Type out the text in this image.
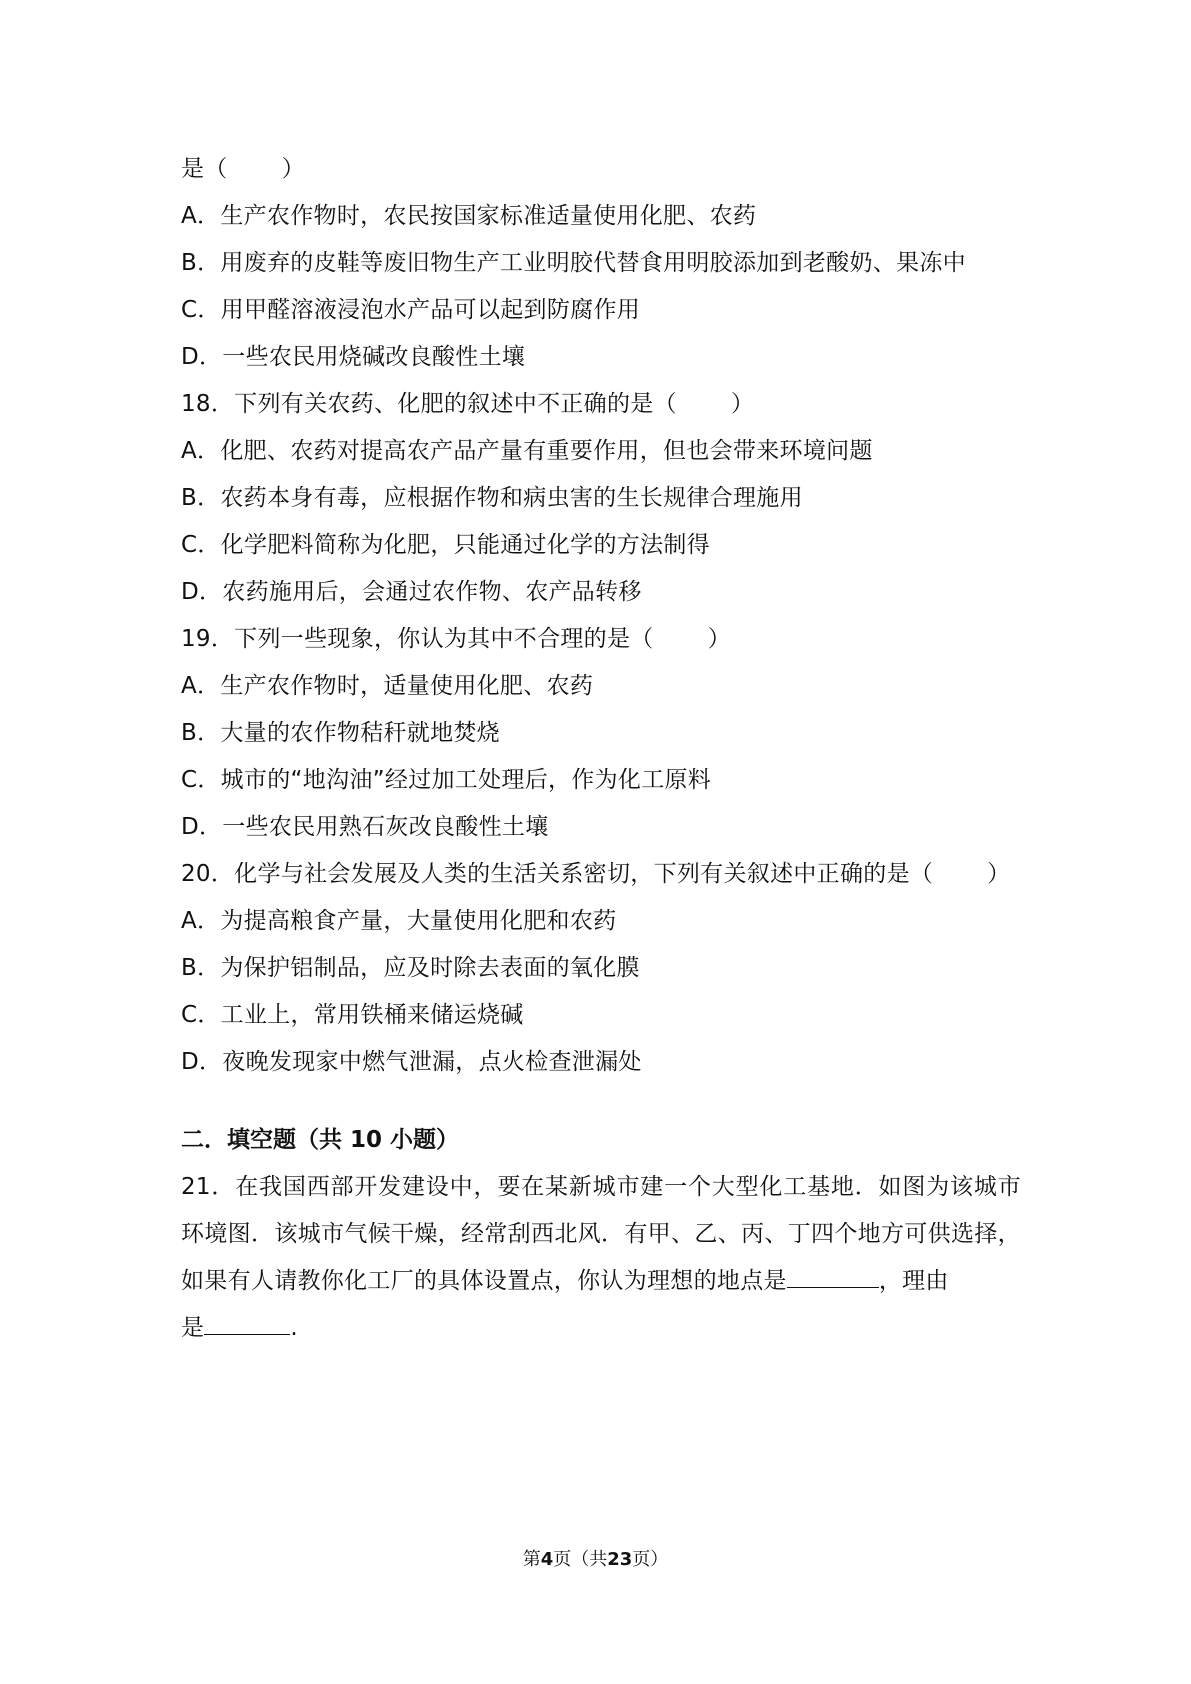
是（ ）
A．生产农作物时，农民按国家标准适量使用化肥、农药
B．用废弃的皮鞋等废旧物生产工业明胶代替食用明胶添加到老酸奶、果冻中
C．用甲醛溶液浸泡水产品可以起到防腐作用
D．一些农民用烧碱改良酸性土壤
18．下列有关农药、化肥的叙述中不正确的是（ ）
A．化肥、农药对提高农产品产量有重要作用，但也会带来环境问题
B．农药本身有毒，应根据作物和病虫害的生长规律合理施用
C．化学肥料简称为化肥，只能通过化学的方法制得
D．农药施用后，会通过农作物、农产品转移
19．下列一些现象，你认为其中不合理的是（ ）
A．生产农作物时，适量使用化肥、农药
B．大量的农作物秸秆就地焚烧
C．城市的“地沟油”经过加工处理后，作为化工原料
D．一些农民用熟石灰改良酸性土壤
20．化学与社会发展及人类的生活关系密切，下列有关叙述中正确的是（ ）
A．为提高粮食产量，大量使用化肥和农药
B．为保护铝制品，应及时除去表面的氧化膜
C．工业上，常用铁桶来储运烧碱
D．夜晚发现家中燃气泄漏，点火检查泄漏处
二．填空题（共 10 小题）
21．在我国西部开发建设中，要在某新城市建一个大型化工基地．如图为该城市
环境图．该城市气候干燥，经常刮西北风．有甲、乙、丙、丁四个地方可供选择，
如果有人请教你化工厂的具体设置点，你认为理想的地点是	，理由
是	.
第4页（共23页）
